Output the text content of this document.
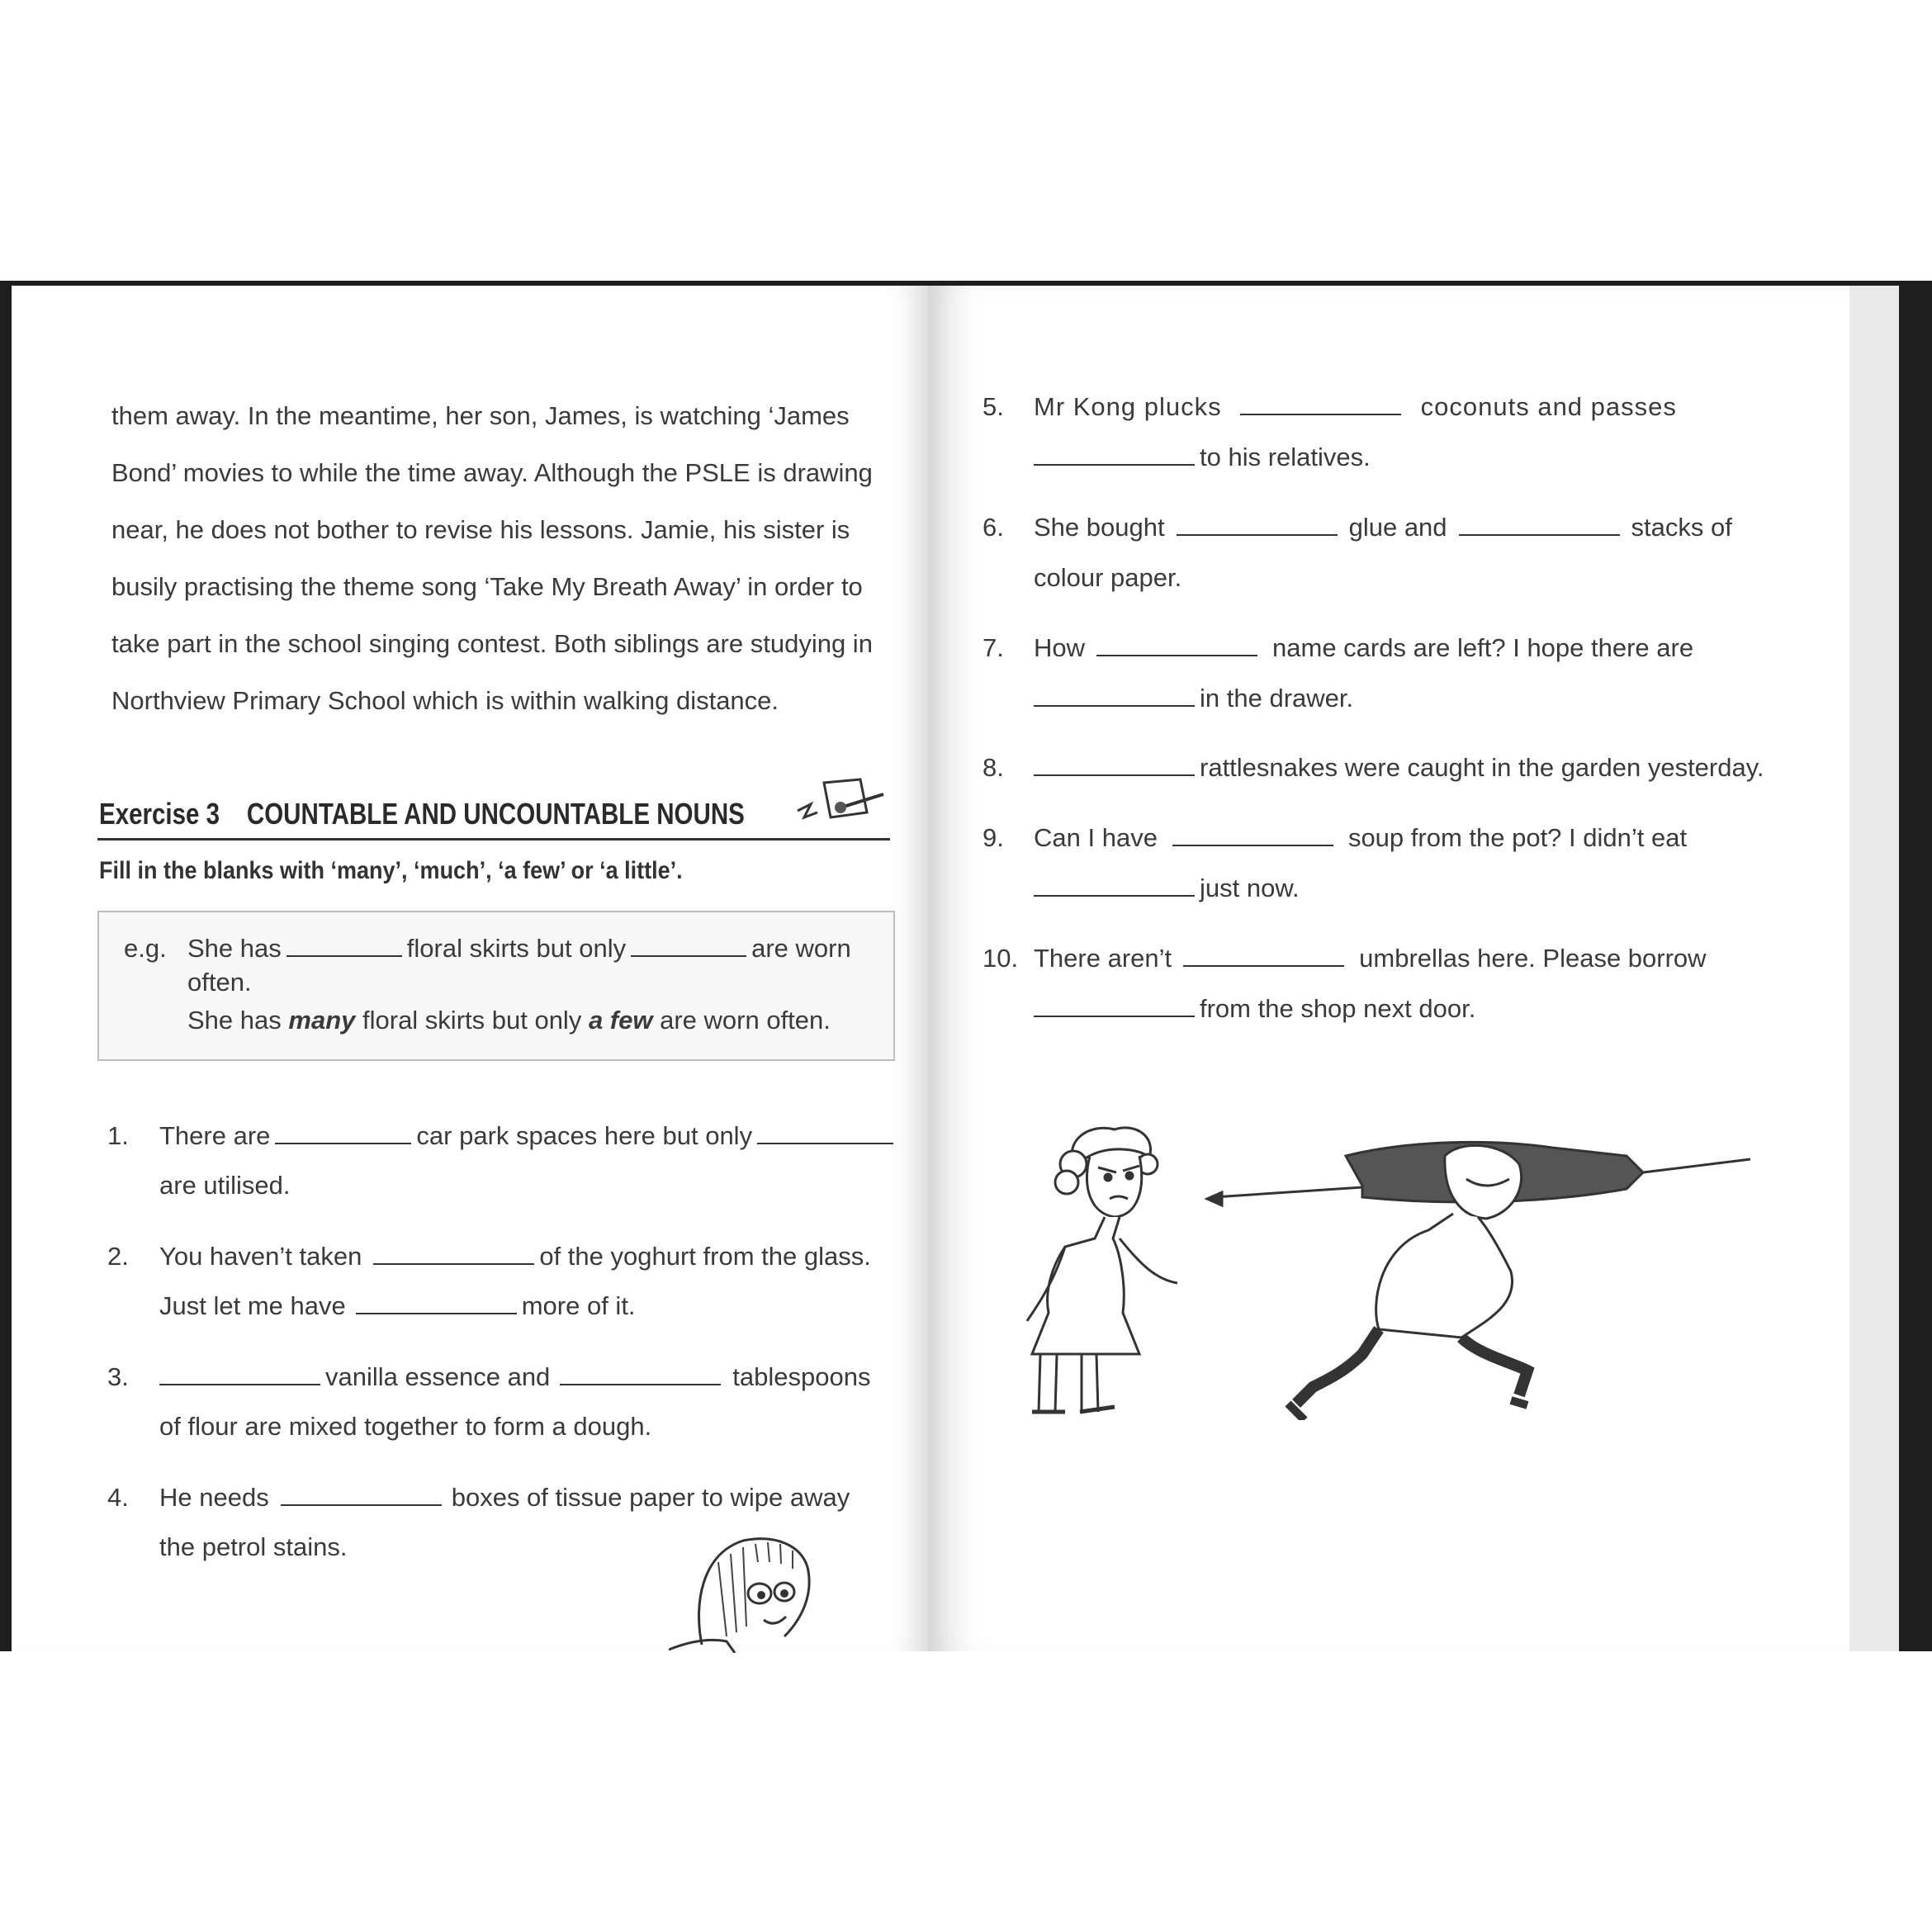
them away. In the meantime, her son, James, is watching ‘James
Bond’ movies to while the time away. Although the PSLE is drawing
near, he does not bother to revise his lessons. Jamie, his sister is
busily practising the theme song ‘Take My Breath Away’ in order to
take part in the school singing contest. Both siblings are studying in
Northview Primary School which is within walking distance.
Exercise 3 COUNTABLE AND UNCOUNTABLE NOUNS
Fill in the blanks with ‘many’, ‘much’, ‘a few’ or ‘a little’.
e.g. She has	floral skirts but only	are worn
often.
She has many floral skirts but only a few are worn often.
1. There are	car park spaces here but only
are utilised.
2. You haven’t taken	of the yoghurt from the glass.
Just let me have	more of it.
3.	vanilla essence and	tablespoons
of flour are mixed together to form a dough.
4. He needs	boxes of tissue paper to wipe away
the petrol stains.
5. Mr Kong plucks	coconuts and passes
to his relatives.
6. She bought	glue and	stacks of
colour paper.
7. How	name cards are left? I hope there are
in the drawer.
8.	rattlesnakes were caught in the garden yesterday.
9. Can I have	soup from the pot? I didn’t eat
just now.
10. There aren’t	umbrellas here. Please borrow
from the shop next door.
